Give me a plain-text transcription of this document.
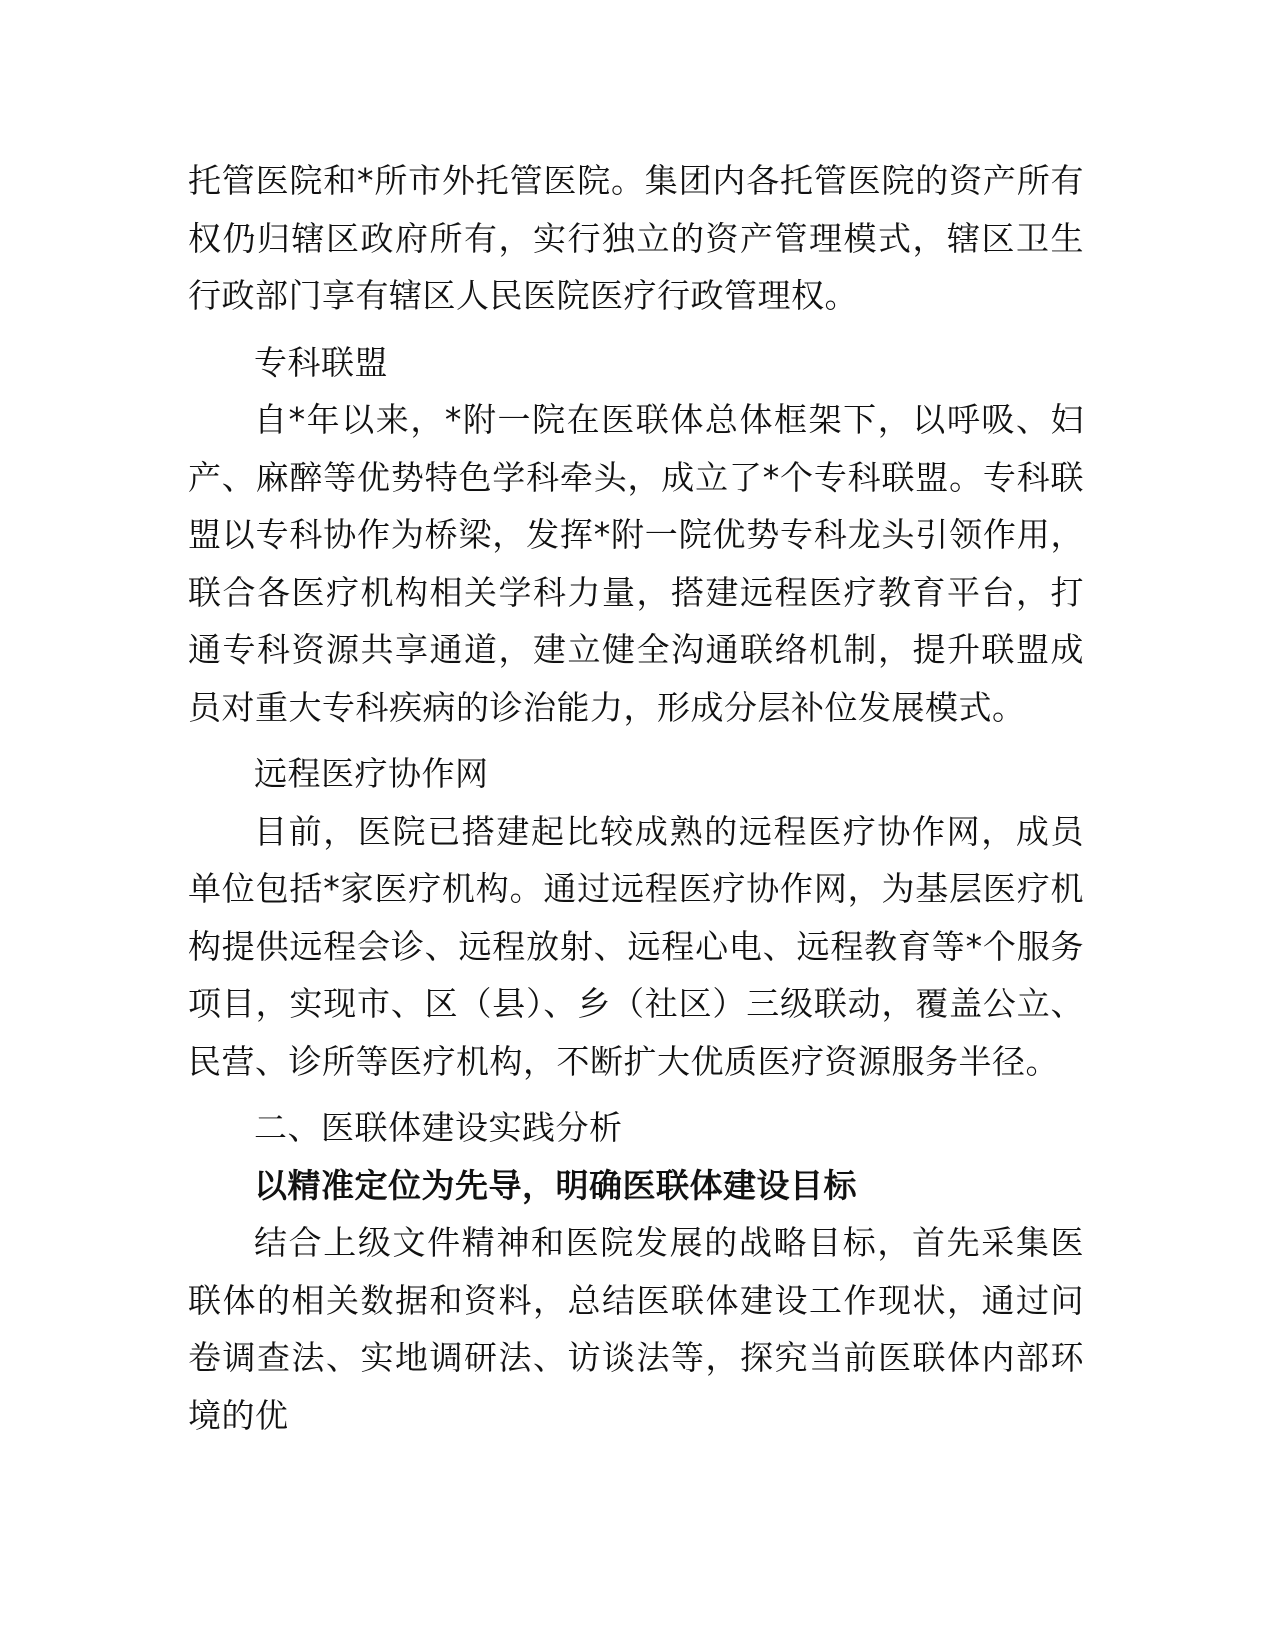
托管医院和*所市外托管医院。集团内各托管医院的资产所有权仍归辖区政府所有，实行独立的资产管理模式，辖区卫生行政部门享有辖区人民医院医疗行政管理权。

专科联盟

自*年以来，*附一院在医联体总体框架下，以呼吸、妇产、麻醉等优势特色学科牵头，成立了*个专科联盟。专科联盟以专科协作为桥梁，发挥*附一院优势专科龙头引领作用，联合各医疗机构相关学科力量，搭建远程医疗教育平台，打通专科资源共享通道，建立健全沟通联络机制，提升联盟成员对重大专科疾病的诊治能力，形成分层补位发展模式。

远程医疗协作网

目前，医院已搭建起比较成熟的远程医疗协作网，成员单位包括*家医疗机构。通过远程医疗协作网，为基层医疗机构提供远程会诊、远程放射、远程心电、远程教育等*个服务项目，实现市、区（县）、乡（社区）三级联动，覆盖公立、民营、诊所等医疗机构，不断扩大优质医疗资源服务半径。

二、医联体建设实践分析

以精准定位为先导，明确医联体建设目标

结合上级文件精神和医院发展的战略目标，首先采集医联体的相关数据和资料，总结医联体建设工作现状，通过问卷调查法、实地调研法、访谈法等，探究当前医联体内部环境的优
